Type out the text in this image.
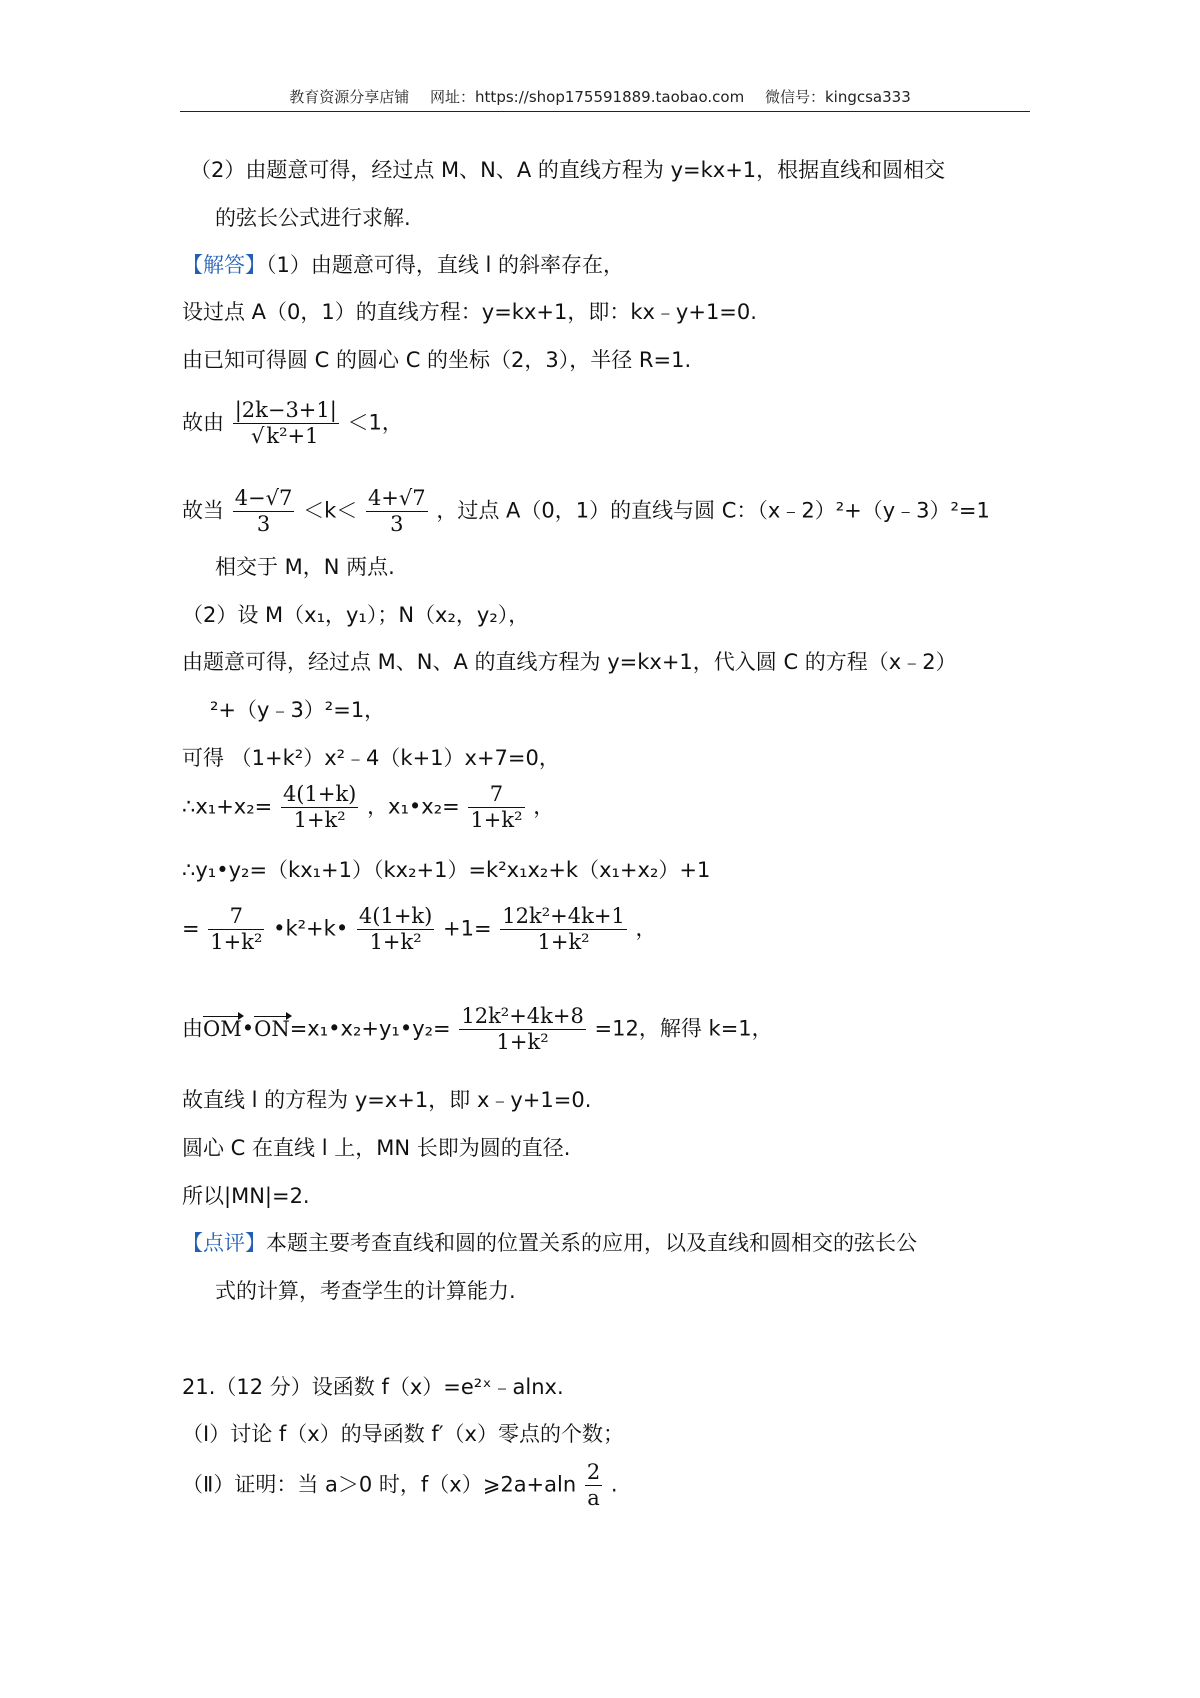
教育资源分享店铺 网址：https://shop175591889.taobao.com 微信号：kingcsa333
（2）由题意可得，经过点 M、N、A 的直线方程为 y=kx+1，根据直线和圆相交
的弦长公式进行求解.
【解答】（1）由题意可得，直线 l 的斜率存在，
设过点 A（0，1）的直线方程：y=kx+1，即：kx﹣y+1=0.
由已知可得圆 C 的圆心 C 的坐标（2，3），半径 R=1.
故由 $\frac{|2k-3+1|}{\text{√k²+1}} <1$，
故当 $\frac{4-√7}{3} <k< \frac{4+√7}{3}$ ，过点 A（0，1）的直线与圆 C：（x﹣2）²+（y﹣3）²=1
相交于 M，N 两点.
（2）设 M（x₁，y₁）；N（x₂，y₂），
由题意可得，经过点 M、N、A 的直线方程为 y=kx+1，代入圆 C 的方程（x﹣2）
²+（y﹣3）²=1，
可得 （1+k²）x²﹣4（k+1）x+7=0，
∴x₁+x₂= $\frac{4(1+k)}{\text{1+k²}}$ ，x₁•x₂= $\frac{7}{\text{1+k²}}$ ，
∴y₁•y₂=（kx₁+1）（kx₂+1）=k²x₁x₂+k（x₁+x₂）+1
= $\frac{7}{\text{1+k²}}$ •k²+k• $\frac{4(1+k)}{\text{1+k²}} +1= \frac{\text{12k²+4k+1}}{\text{1+k²}}$ ，
由OM•ON=x₁•x₂+y₁•y₂= $\frac{\text{12k²+4k+8}}{\text{1+k²}} =12$，解得 k=1，
故直线 l 的方程为 y=x+1，即 x﹣y+1=0.
圆心 C 在直线 l 上，MN 长即为圆的直径.
所以|MN|=2.
【点评】本题主要考查直线和圆的位置关系的应用，以及直线和圆相交的弦长公
式的计算，考查学生的计算能力.
21.（12 分）设函数 f（x）=e²ˣ﹣alnx.
（Ⅰ）讨论 f（x）的导函数 f′（x）零点的个数；
（Ⅱ）证明：当 a＞0 时，f（x）⩾2a+aln $\frac{2}{a}$ .
